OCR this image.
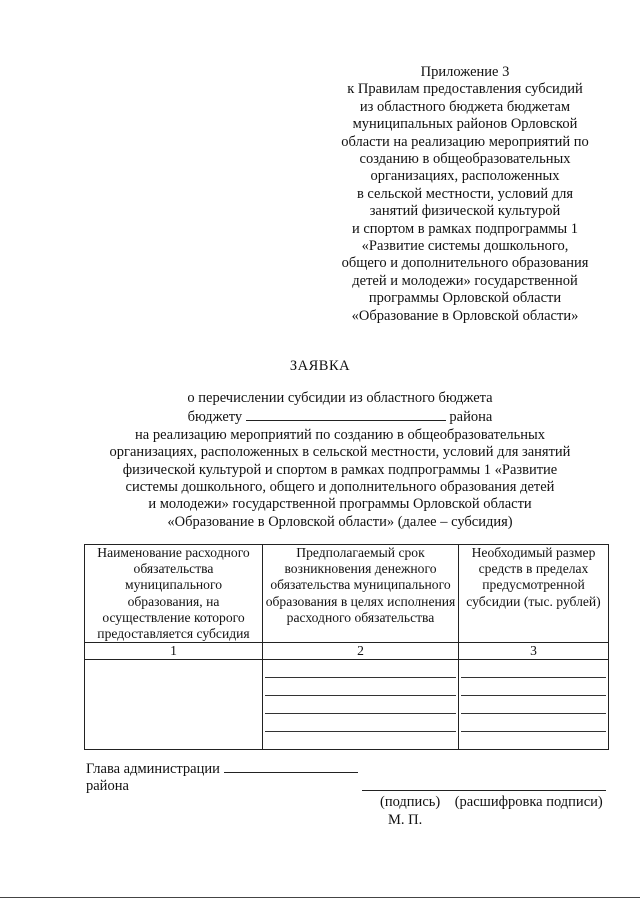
Приложение 3
к Правилам предоставления субсидий
из областного бюджета бюджетам
муниципальных районов Орловской
области на реализацию мероприятий по
созданию в общеобразовательных
организациях, расположенных
в сельской местности, условий для
занятий физической культурой
и спортом в рамках подпрограммы 1
«Развитие системы дошкольного,
общего и дополнительного образования
детей и молодежи» государственной
программы Орловской области
«Образование в Орловской области»
ЗАЯВКА
о перечислении субсидии из областного бюджета
бюджету	района
на реализацию мероприятий по созданию в общеобразовательных
организациях, расположенных в сельской местности, условий для занятий
физической культурой и спортом в рамках подпрограммы 1 «Развитие
системы дошкольного, общего и дополнительного образования детей
и молодежи» государственной программы Орловской области
«Образование в Орловской области» (далее – субсидия)
Наименование расходного обязательства муниципального образования, на осуществление которого предоставляется субсидия	Предполагаемый срок возникновения денежного обязательства муниципального образования в целях исполнения расходного обязательства	Необходимый размер средств в пределах предусмотренной субсидии (тыс. рублей)
1	2	3

Глава администрации
района
(подпись) (расшифровка подписи)
М. П.
